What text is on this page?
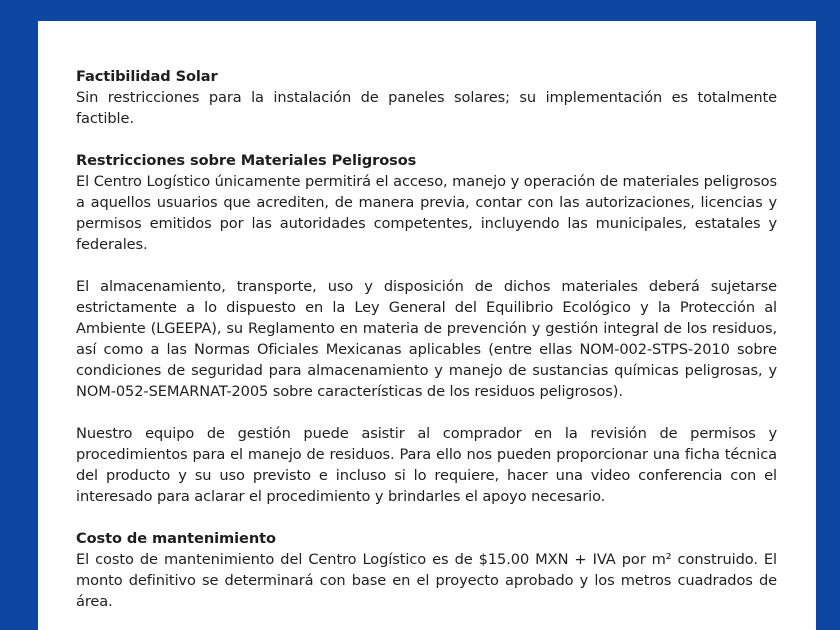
Factibilidad Solar

Sin restricciones para la instalación de paneles solares; su implementación es totalmente factible.

Restricciones sobre Materiales Peligrosos

El Centro Logístico únicamente permitirá el acceso, manejo y operación de materiales peligrosos a aquellos usuarios que acrediten, de manera previa, contar con las autorizaciones, licencias y permisos emitidos por las autoridades competentes, incluyendo las municipales, estatales y federales.

El almacenamiento, transporte, uso y disposición de dichos materiales deberá sujetarse estrictamente a lo dispuesto en la Ley General del Equilibrio Ecológico y la Protección al Ambiente (LGEEPA), su Reglamento en materia de prevención y gestión integral de los residuos, así como a las Normas Oficiales Mexicanas aplicables (entre ellas NOM-002-STPS-2010 sobre condiciones de seguridad para almacenamiento y manejo de sustancias químicas peligrosas, y NOM-052-SEMARNAT-2005 sobre características de los residuos peligrosos).

Nuestro equipo de gestión puede asistir al comprador en la revisión de permisos y procedimientos para el manejo de residuos. Para ello nos pueden proporcionar una ficha técnica del producto y su uso previsto e incluso si lo requiere, hacer una video conferencia con el interesado para aclarar el procedimiento y brindarles el apoyo necesario.

Costo de mantenimiento

El costo de mantenimiento del Centro Logístico es de $15.00 MXN + IVA por m² construido. El monto definitivo se determinará con base en el proyecto aprobado y los metros cuadrados de área.
